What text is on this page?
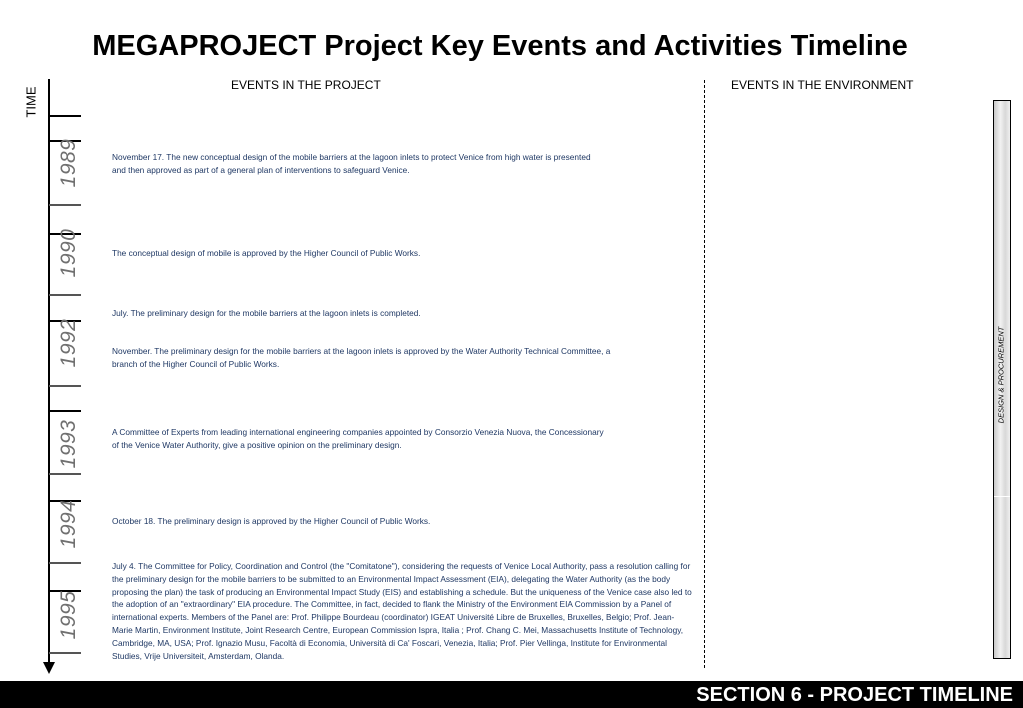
MEGAPROJECT Project Key Events and Activities Timeline
TIME
1989
1990
1992
1993
1994
1995
EVENTS IN THE PROJECT	EVENTS IN THE ENVIRONMENT
November 17. The new conceptual design of the mobile barriers at the lagoon inlets to protect Venice from high water is presented and then approved as part of a general plan of interventions to safeguard Venice.
The conceptual design of mobile is approved by the Higher Council of Public Works.
July. The preliminary design for the mobile barriers at the lagoon inlets is completed.
November. The preliminary design for the mobile barriers at the lagoon inlets is approved by the Water Authority Technical Committee, a branch of the Higher Council of Public Works.
A Committee of Experts from leading international engineering companies appointed by Consorzio Venezia Nuova, the Concessionary of the Venice Water Authority, give a positive opinion on the preliminary design.
October 18. The preliminary design is approved by the Higher Council of Public Works.
July 4. The Committee for Policy, Coordination and Control (the "Comitatone"), considering the requests of Venice Local Authority, pass a resolution calling for the preliminary design for the mobile barriers to be submitted to an Environmental Impact Assessment (EIA), delegating the Water Authority (as the body proposing the plan) the task of producing an Environmental Impact Study (EIS) and establishing a schedule. But the uniqueness of the Venice case also led to the adoption of an "extraordinary" EIA procedure. The Committee, in fact, decided to flank the Ministry of the Environment EIA Commission by a Panel of international experts. Members of the Panel are: Prof. Philippe Bourdeau (coordinator) IGEAT Université Libre de Bruxelles, Bruxelles, Belgio; Prof. Jean-Marie Martin, Environment Institute, Joint Research Centre, European Commission Ispra, Italia ; Prof. Chang C. Mei, Massachusetts Institute of Technology, Cambridge, MA, USA; Prof. Ignazio Musu, Facoltà di Economia, Università di Ca' Foscari, Venezia, Italia; Prof. Pier Vellinga, Institute for Environmental Studies, Vrije Universiteit, Amsterdam, Olanda.
DESIGN & PROCUREMENT
SECTION 6 - PROJECT TIMELINE
